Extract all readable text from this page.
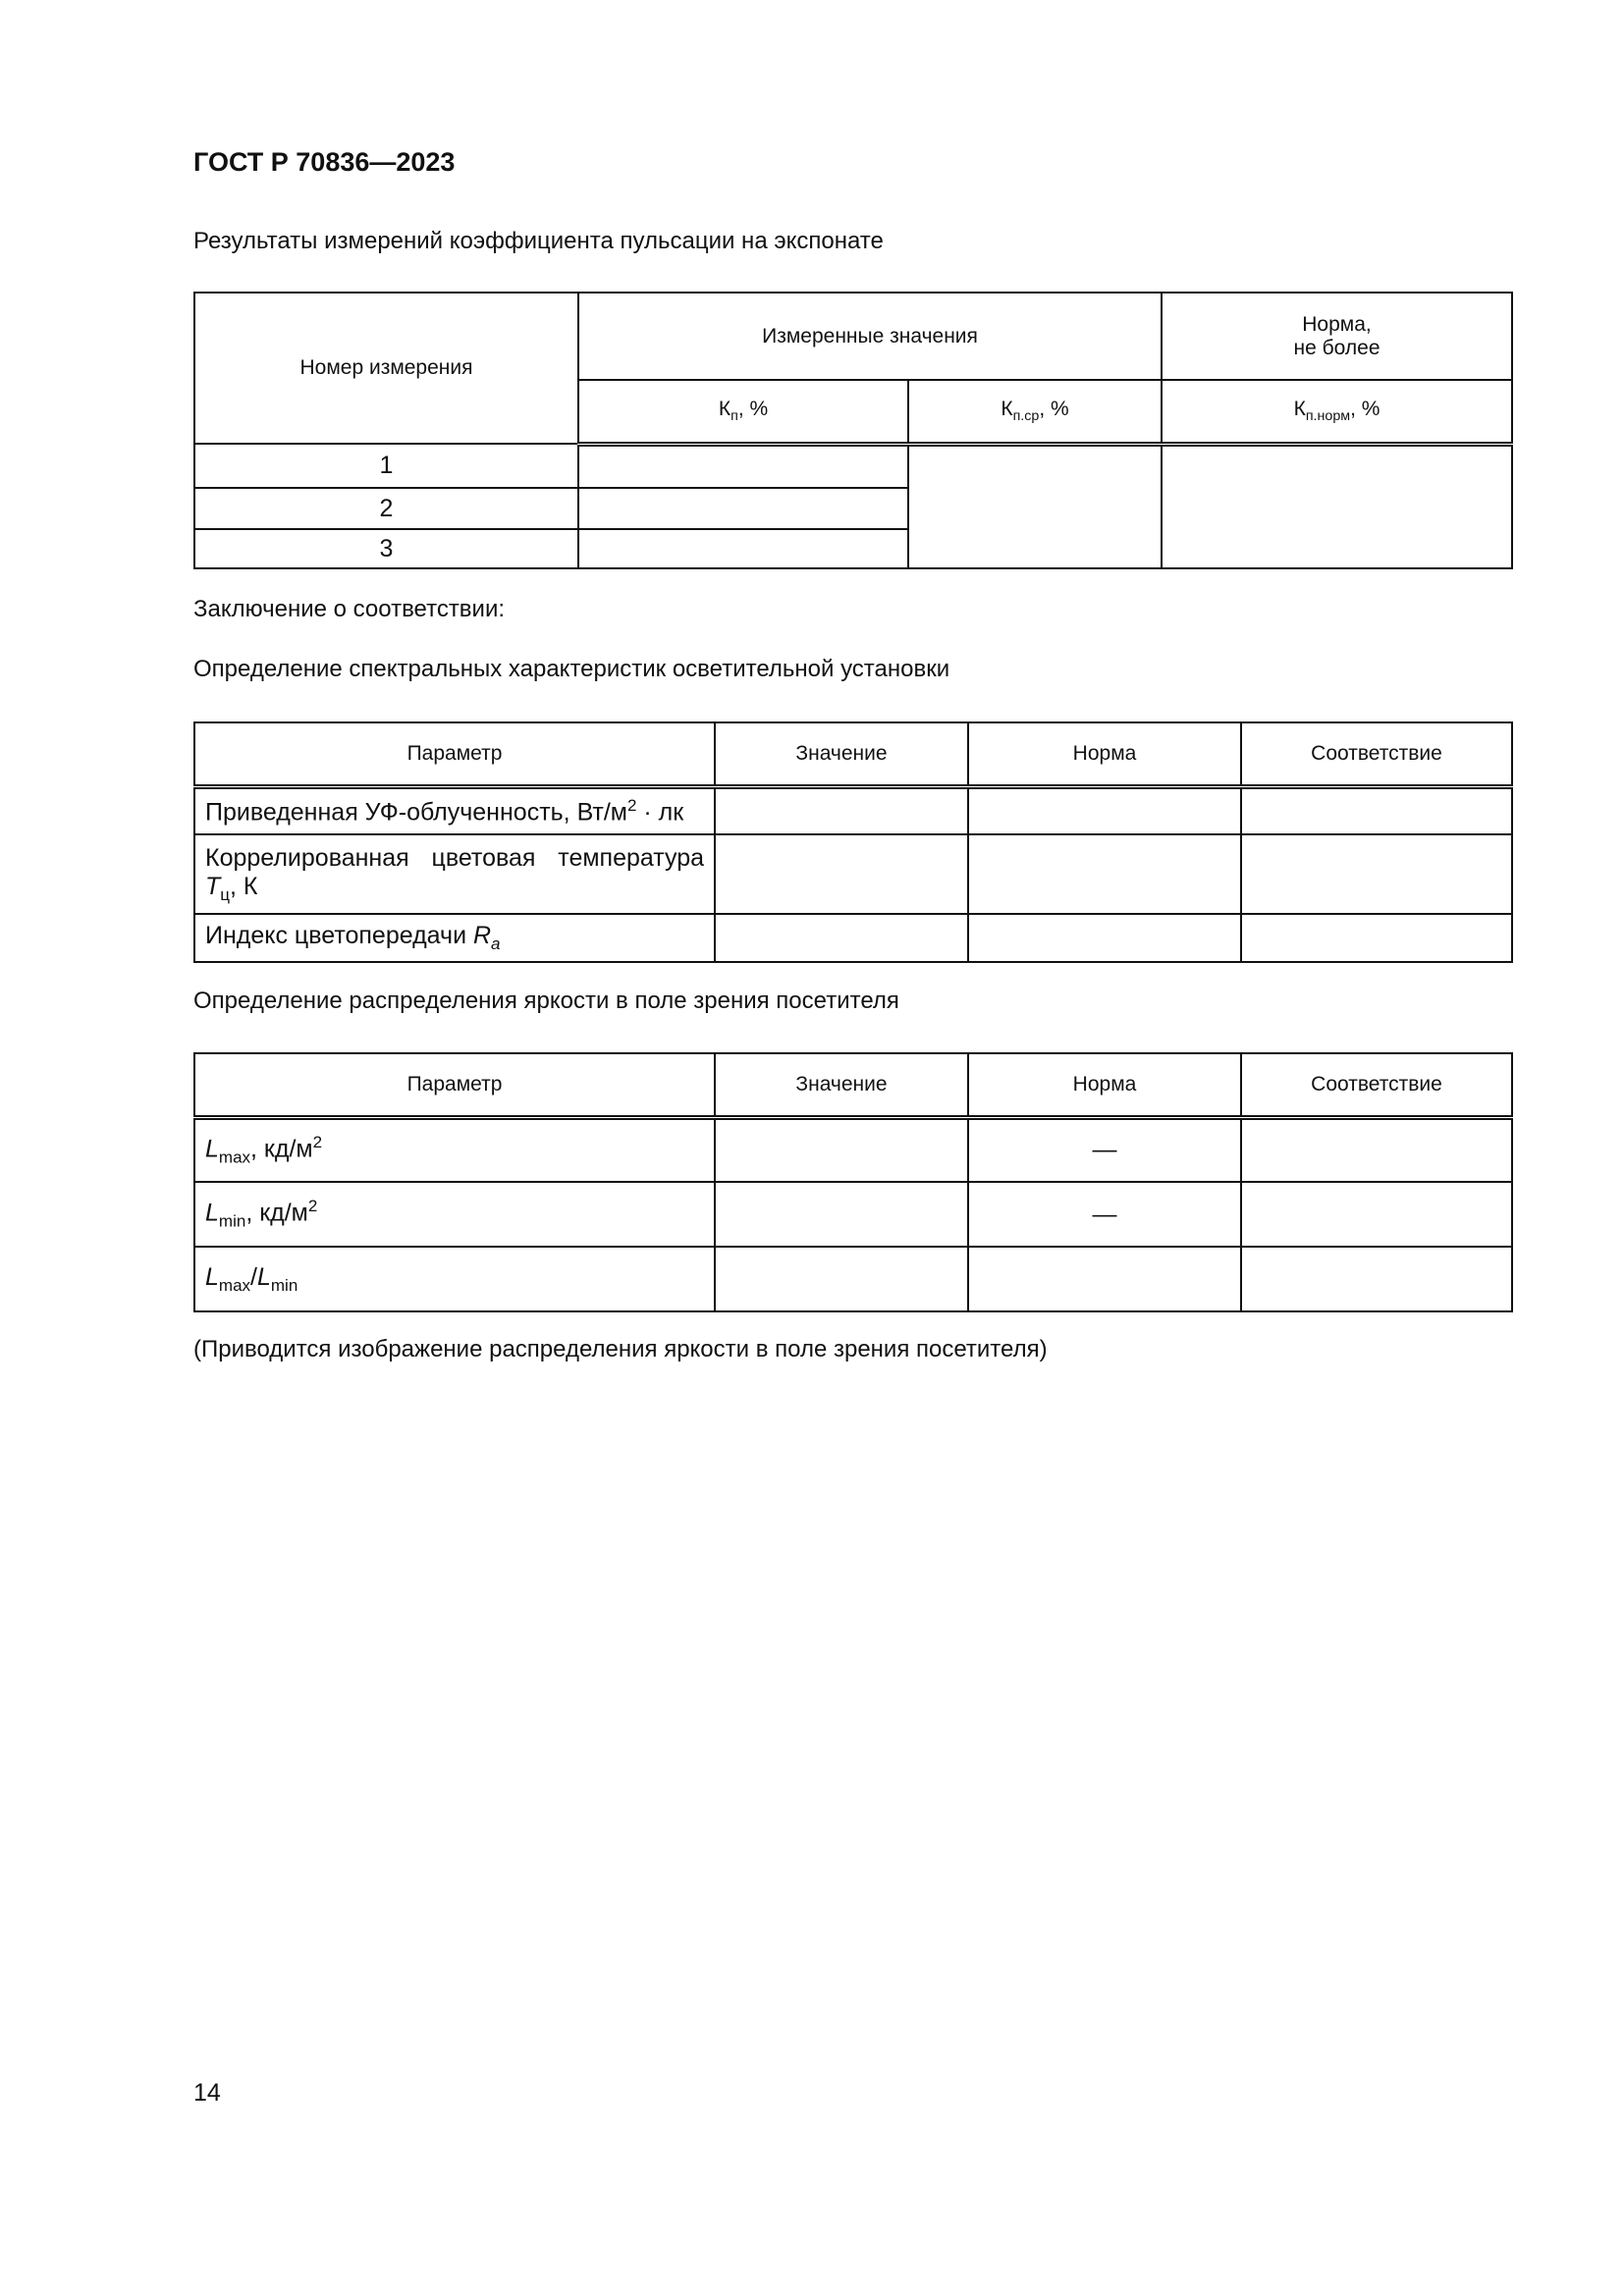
ГОСТ Р 70836—2023
Результаты измерений коэффициента пульсации на экспонате
Номер измерения	Измеренные значения		Норма,
не более
	$К_п$, %	$К_{п.ср}$, %	$К_{п.норм}$, %
1			
2			
3			
Заключение о соответствии:
Определение спектральных характеристик осветительной установки
Параметр	Значение	Норма	Соответствие
Приведенная УФ-облученность, $Вт/м^2$ · лк			

Коррелированная цветовая температура
$T_ц$, К			

Индекс цветопередачи $R_a$			
Определение распределения яркости в поле зрения посетителя
Параметр	Значение	Норма	Соответствие
$L_{max}$, $кд/м^2$		—	
$L_{min}$, $кд/м^2$		—	
$L_{max}/L_{min}$			
(Приводится изображение распределения яркости в поле зрения посетителя)
14
